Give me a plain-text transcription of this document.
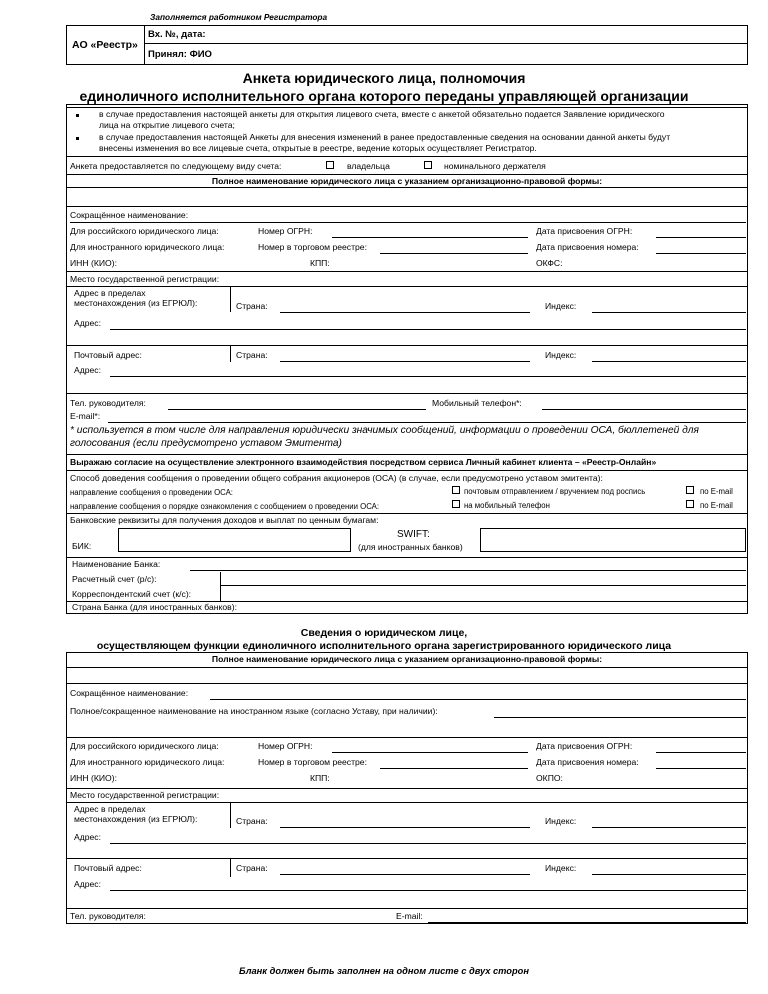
Заполняется работником Регистратора
АО «Реестр»
Вх. №, дата:
Принял: ФИО
Анкета юридического лица, полномочия
единоличного исполнительного органа которого переданы управляющей организации
в случае предоставления настоящей анкеты для открытия лицевого счета, вместе с анкетой обязательно подается Заявление юридического
лица на открытие лицевого счета;
в случае предоставления настоящей Анкеты для внесения изменений в ранее предоставленные сведения на основании данной анкеты будут
внесены изменения во все лицевые счета, открытые в реестре, ведение которых осуществляет Регистратор.
Анкета предоставляется по следующему виду счета:	владельца	номинального держателя
Полное наименование юридического лица с указанием организационно-правовой формы:
Сокращённое наименование:
Для российского юридического лица:	Номер ОГРН:	Дата присвоения ОГРН:
Для иностранного юридического лица:	Номер в торговом реестре:	Дата присвоения номера:
ИНН (КИО):	КПП:	ОКФС:
Место государственной регистрации:
Адрес в пределах
местонахождения (из ЕГРЮЛ):	Страна:	Индекс:
Адрес:
Почтовый адрес:	Страна:	Индекс:
Адрес:
Тел. руководителя:	Мобильный телефон*:
E-mail*:
* используется в том числе для направления юридически значимых сообщений, информации о проведении ОСА, бюллетеней для
голосования (если предусмотрено уставом Эмитента)
Выражаю согласие на осуществление электронного взаимодействия посредством сервиса Личный кабинет клиента – «Реестр-Онлайн»
Способ доведения сообщения о проведении общего собрания акционеров (ОСА) (в случае, если предусмотрено уставом эмитента):
направление сообщения о проведении ОСА:	почтовым отправлением / вручением под роспись	по E-mail
направление сообщения о порядке ознакомления с сообщением о проведении ОСА:	на мобильный телефон	по E-mail
Банковские реквизиты для получения доходов и выплат по ценным бумагам:
БИК:
SWIFT:
(для иностранных банков)
Наименование Банка:
Расчетный счет (р/с):
Корреспондентский счет (к/с):
Страна Банка (для иностранных банков):
Сведения о юридическом лице,
осуществляющем функции единоличного исполнительного органа зарегистрированного юридического лица
Полное наименование юридического лица с указанием организационно-правовой формы:
Сокращённое наименование:
Полное/сокращенное наименование на иностранном языке (согласно Уставу, при наличии):
Для российского юридического лица:	Номер ОГРН:	Дата присвоения ОГРН:
Для иностранного юридического лица:	Номер в торговом реестре:	Дата присвоения номера:
ИНН (КИО):	КПП:	ОКПО:
Место государственной регистрации:
Адрес в пределах
местонахождения (из ЕГРЮЛ):	Страна:	Индекс:
Адрес:
Почтовый адрес:	Страна:	Индекс:
Адрес:
Тел. руководителя:	E-mail:
Бланк должен быть заполнен на одном листе с двух сторон
